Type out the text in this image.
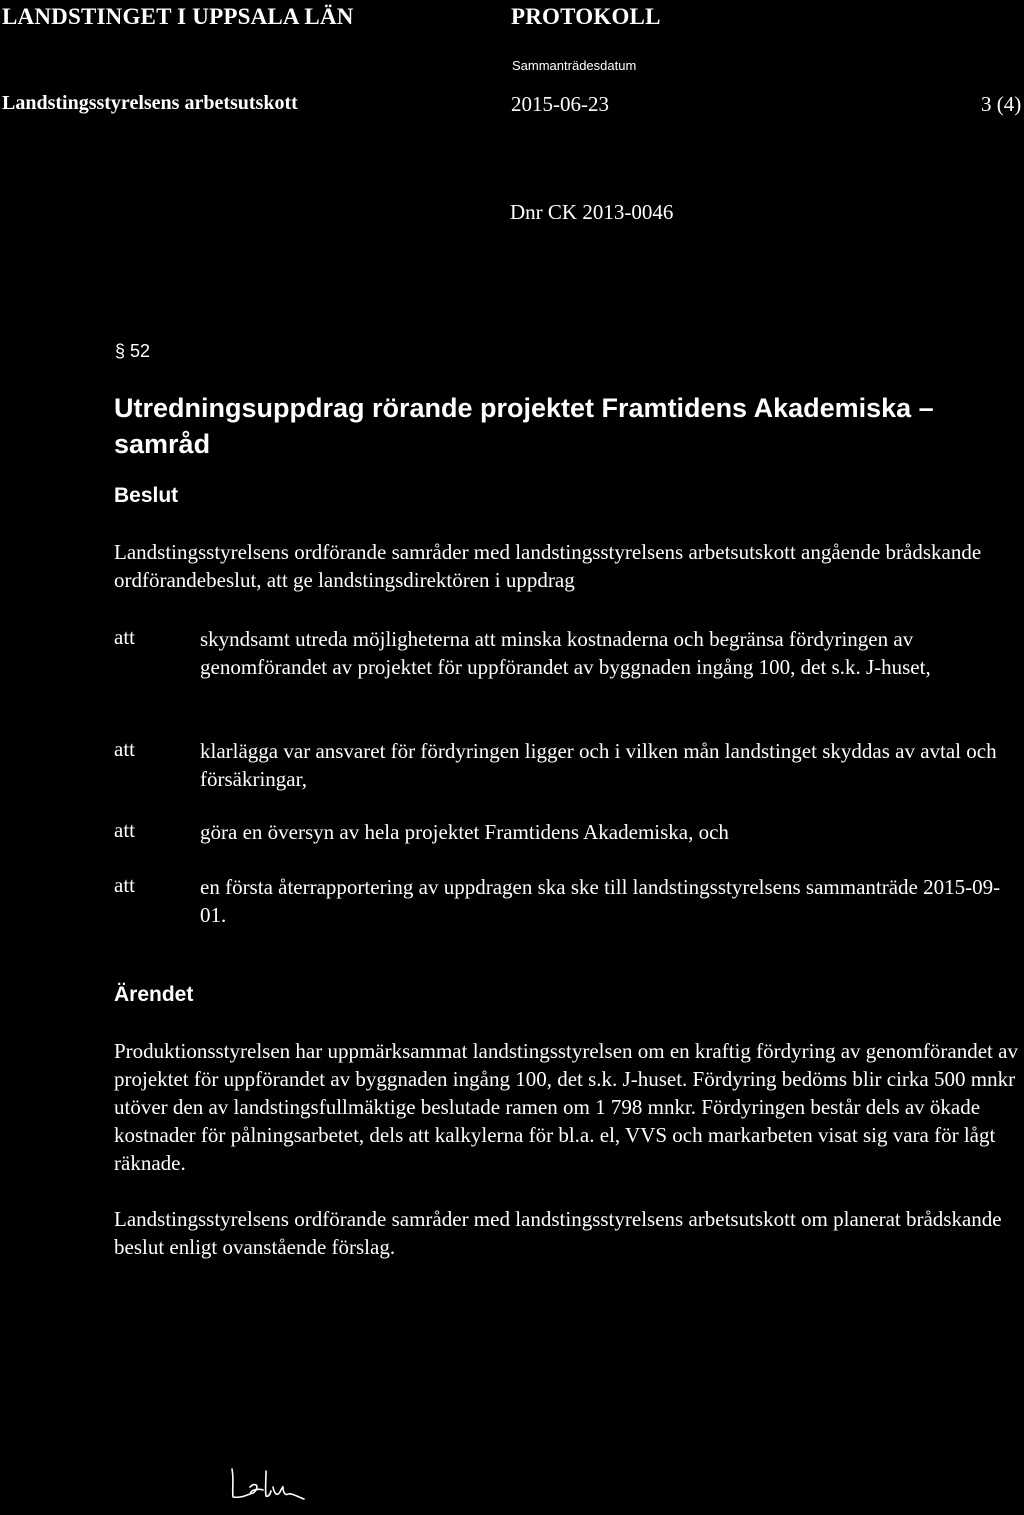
LANDSTINGET I UPPSALA LÄN	PROTOKOLL
Sammanträdesdatum
Landstingsstyrelsens arbetsutskott	2015-06-23	3 (4)
Dnr CK 2013-0046
§ 52
Utredningsuppdrag rörande projektet Framtidens Akademiska – samråd
Beslut
Landstingsstyrelsens ordförande samråder med landstingsstyrelsens arbetsutskott angående brådskande ordförandebeslut, att ge landstingsdirektören i uppdrag
att	skyndsamt utreda möjligheterna att minska kostnaderna och begränsa fördyringen av genomförandet av projektet för uppförandet av byggnaden ingång 100, det s.k. J-huset,
att	klarlägga var ansvaret för fördyringen ligger och i vilken mån landstinget skyddas av avtal och försäkringar,
att	göra en översyn av hela projektet Framtidens Akademiska, och
att	en första återrapportering av uppdragen ska ske till landstingsstyrelsens sammanträde 2015-09-01.
Ärendet
Produktionsstyrelsen har uppmärksammat landstingsstyrelsen om en kraftig fördyring av genomförandet av projektet för uppförandet av byggnaden ingång 100, det s.k. J-huset. Fördyring bedöms blir cirka 500 mnkr utöver den av landstingsfullmäktige beslutade ramen om 1 798 mnkr. Fördyringen består dels av ökade kostnader för pålningsarbetet, dels att kalkylerna för bl.a. el, VVS och markarbeten visat sig vara för lågt räknade.
Landstingsstyrelsens ordförande samråder med landstingsstyrelsens arbetsutskott om planerat brådskande beslut enligt ovanstående förslag.
